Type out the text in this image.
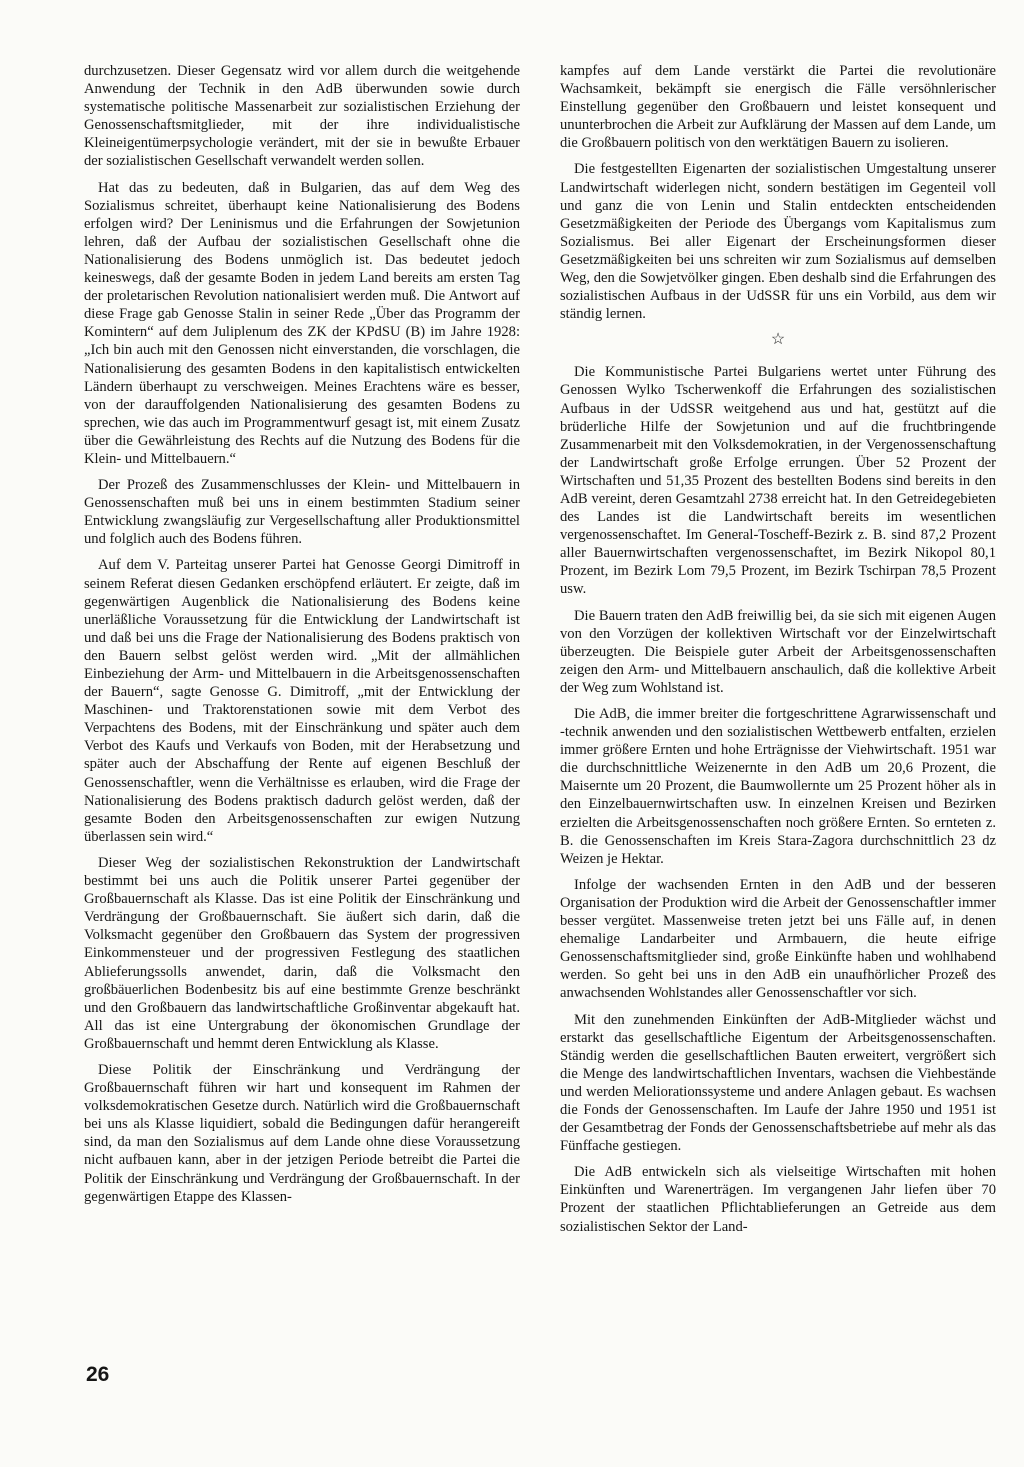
durchzusetzen. Dieser Gegensatz wird vor allem durch die weitgehende Anwendung der Technik in den AdB überwunden sowie durch systematische politische Massenarbeit zur sozialistischen Erziehung der Genossenschaftsmitglieder, mit der ihre individualistische Kleineigentümerpsychologie verändert, mit der sie in bewußte Erbauer der sozialistischen Gesellschaft verwandelt werden sollen.

Hat das zu bedeuten, daß in Bulgarien, das auf dem Weg des Sozialismus schreitet, überhaupt keine Nationalisierung des Bodens erfolgen wird? Der Leninismus und die Erfahrungen der Sowjetunion lehren, daß der Aufbau der sozialistischen Gesellschaft ohne die Nationalisierung des Bodens unmöglich ist. Das bedeutet jedoch keineswegs, daß der gesamte Boden in jedem Land bereits am ersten Tag der proletarischen Revolution nationalisiert werden muß. Die Antwort auf diese Frage gab Genosse Stalin in seiner Rede „Über das Programm der Komintern“ auf dem Juliplenum des ZK der KPdSU (B) im Jahre 1928: „Ich bin auch mit den Genossen nicht einverstanden, die vorschlagen, die Nationalisierung des gesamten Bodens in den kapitalistisch entwickelten Ländern überhaupt zu verschweigen. Meines Erachtens wäre es besser, von der darauffolgenden Nationalisierung des gesamten Bodens zu sprechen, wie das auch im Programmentwurf gesagt ist, mit einem Zusatz über die Gewährleistung des Rechts auf die Nutzung des Bodens für die Klein- und Mittelbauern.“

Der Prozeß des Zusammenschlusses der Klein- und Mittelbauern in Genossenschaften muß bei uns in einem bestimmten Stadium seiner Entwicklung zwangsläufig zur Vergesellschaftung aller Produktionsmittel und folglich auch des Bodens führen.

Auf dem V. Parteitag unserer Partei hat Genosse Georgi Dimitroff in seinem Referat diesen Gedanken erschöpfend erläutert. Er zeigte, daß im gegenwärtigen Augenblick die Nationalisierung des Bodens keine unerläßliche Voraussetzung für die Entwicklung der Landwirtschaft ist und daß bei uns die Frage der Nationalisierung des Bodens praktisch von den Bauern selbst gelöst werden wird. „Mit der allmählichen Einbeziehung der Arm- und Mittelbauern in die Arbeitsgenossenschaften der Bauern“, sagte Genosse G. Dimitroff, „mit der Entwicklung der Maschinen- und Traktorenstationen sowie mit dem Verbot des Verpachtens des Bodens, mit der Einschränkung und später auch dem Verbot des Kaufs und Verkaufs von Boden, mit der Herabsetzung und später auch der Abschaffung der Rente auf eigenen Beschluß der Genossenschaftler, wenn die Verhältnisse es erlauben, wird die Frage der Nationalisierung des Bodens praktisch dadurch gelöst werden, daß der gesamte Boden den Arbeitsgenossenschaften zur ewigen Nutzung überlassen sein wird.“

Dieser Weg der sozialistischen Rekonstruktion der Landwirtschaft bestimmt bei uns auch die Politik unserer Partei gegenüber der Großbauernschaft als Klasse. Das ist eine Politik der Einschränkung und Verdrängung der Großbauernschaft. Sie äußert sich darin, daß die Volksmacht gegenüber den Großbauern das System der progressiven Einkommensteuer und der progressiven Festlegung des staatlichen Ablieferungssolls anwendet, darin, daß die Volksmacht den großbäuerlichen Bodenbesitz bis auf eine bestimmte Grenze beschränkt und den Großbauern das landwirtschaftliche Großinventar abgekauft hat. All das ist eine Untergrabung der ökonomischen Grundlage der Großbauernschaft und hemmt deren Entwicklung als Klasse.

Diese Politik der Einschränkung und Verdrängung der Großbauernschaft führen wir hart und konsequent im Rahmen der volksdemokratischen Gesetze durch. Natürlich wird die Großbauernschaft bei uns als Klasse liquidiert, sobald die Bedingungen dafür herangereift sind, da man den Sozialismus auf dem Lande ohne diese Voraussetzung nicht aufbauen kann, aber in der jetzigen Periode betreibt die Partei die Politik der Einschränkung und Verdrängung der Großbauernschaft. In der gegenwärtigen Etappe des Klassen-

kampfes auf dem Lande verstärkt die Partei die revolutionäre Wachsamkeit, bekämpft sie energisch die Fälle versöhnlerischer Einstellung gegenüber den Großbauern und leistet konsequent und ununterbrochen die Arbeit zur Aufklärung der Massen auf dem Lande, um die Großbauern politisch von den werktätigen Bauern zu isolieren.

Die festgestellten Eigenarten der sozialistischen Umgestaltung unserer Landwirtschaft widerlegen nicht, sondern bestätigen im Gegenteil voll und ganz die von Lenin und Stalin entdeckten entscheidenden Gesetzmäßigkeiten der Periode des Übergangs vom Kapitalismus zum Sozialismus. Bei aller Eigenart der Erscheinungsformen dieser Gesetzmäßigkeiten bei uns schreiten wir zum Sozialismus auf demselben Weg, den die Sowjetvölker gingen. Eben deshalb sind die Erfahrungen des sozialistischen Aufbaus in der UdSSR für uns ein Vorbild, aus dem wir ständig lernen.

☆

Die Kommunistische Partei Bulgariens wertet unter Führung des Genossen Wylko Tscherwenkoff die Erfahrungen des sozialistischen Aufbaus in der UdSSR weitgehend aus und hat, gestützt auf die brüderliche Hilfe der Sowjetunion und auf die fruchtbringende Zusammenarbeit mit den Volksdemokratien, in der Vergenossenschaftung der Landwirtschaft große Erfolge errungen. Über 52 Prozent der Wirtschaften und 51,35 Prozent des bestellten Bodens sind bereits in den AdB vereint, deren Gesamtzahl 2738 erreicht hat. In den Getreidegebieten des Landes ist die Landwirtschaft bereits im wesentlichen vergenossenschaftet. Im General-Toscheff-Bezirk z. B. sind 87,2 Prozent aller Bauernwirtschaften vergenossenschaftet, im Bezirk Nikopol 80,1 Prozent, im Bezirk Lom 79,5 Prozent, im Bezirk Tschirpan 78,5 Prozent usw.

Die Bauern traten den AdB freiwillig bei, da sie sich mit eigenen Augen von den Vorzügen der kollektiven Wirtschaft vor der Einzelwirtschaft überzeugten. Die Beispiele guter Arbeit der Arbeitsgenossenschaften zeigen den Arm- und Mittelbauern anschaulich, daß die kollektive Arbeit der Weg zum Wohlstand ist.

Die AdB, die immer breiter die fortgeschrittene Agrarwissenschaft und -technik anwenden und den sozialistischen Wettbewerb entfalten, erzielen immer größere Ernten und hohe Erträgnisse der Viehwirtschaft. 1951 war die durchschnittliche Weizenernte in den AdB um 20,6 Prozent, die Maisernte um 20 Prozent, die Baumwollernte um 25 Prozent höher als in den Einzelbauernwirtschaften usw. In einzelnen Kreisen und Bezirken erzielten die Arbeitsgenossenschaften noch größere Ernten. So ernteten z. B. die Genossenschaften im Kreis Stara-Zagora durchschnittlich 23 dz Weizen je Hektar.

Infolge der wachsenden Ernten in den AdB und der besseren Organisation der Produktion wird die Arbeit der Genossenschaftler immer besser vergütet. Massenweise treten jetzt bei uns Fälle auf, in denen ehemalige Landarbeiter und Armbauern, die heute eifrige Genossenschaftsmitglieder sind, große Einkünfte haben und wohlhabend werden. So geht bei uns in den AdB ein unaufhörlicher Prozeß des anwachsenden Wohlstandes aller Genossenschaftler vor sich.

Mit den zunehmenden Einkünften der AdB-Mitglieder wächst und erstarkt das gesellschaftliche Eigentum der Arbeitsgenossenschaften. Ständig werden die gesellschaftlichen Bauten erweitert, vergrößert sich die Menge des landwirtschaftlichen Inventars, wachsen die Viehbestände und werden Meliorationssysteme und andere Anlagen gebaut. Es wachsen die Fonds der Genossenschaften. Im Laufe der Jahre 1950 und 1951 ist der Gesamtbetrag der Fonds der Genossenschaftsbetriebe auf mehr als das Fünffache gestiegen.

Die AdB entwickeln sich als vielseitige Wirtschaften mit hohen Einkünften und Warenerträgen. Im vergangenen Jahr liefen über 70 Prozent der staatlichen Pflichtablieferungen an Getreide aus dem sozialistischen Sektor der Land-

26
